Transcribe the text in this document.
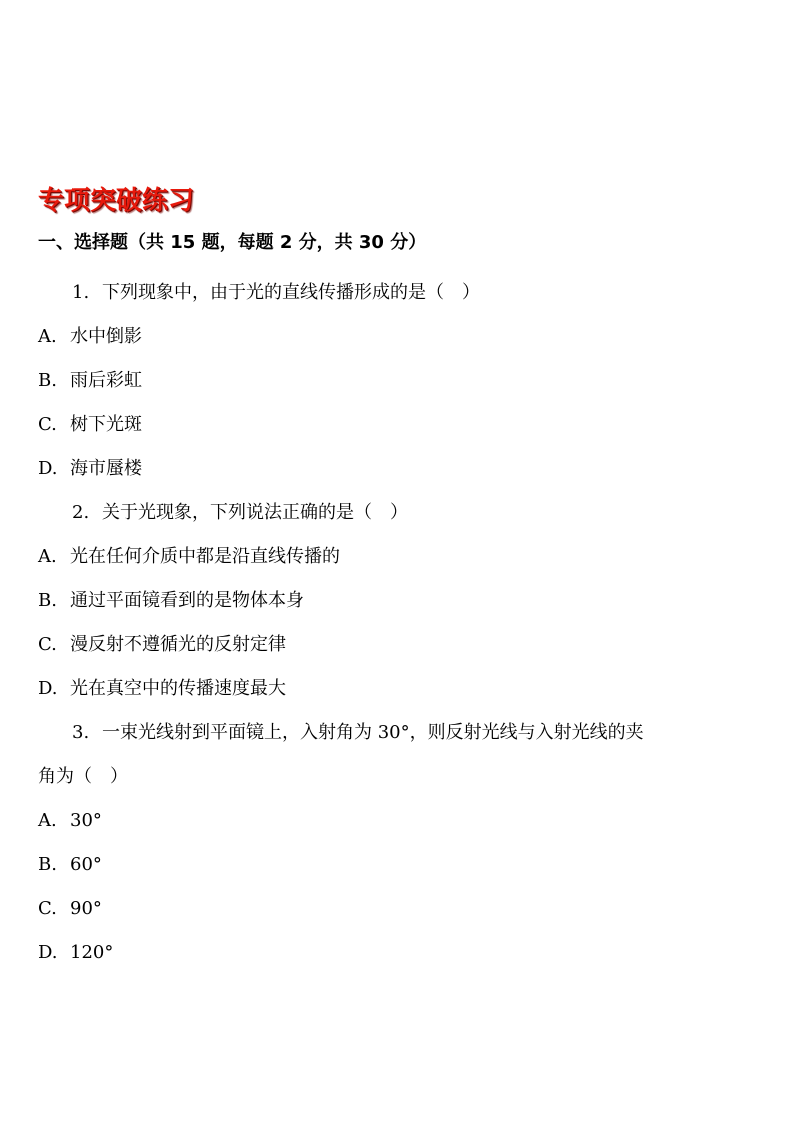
专项突破练习
一、选择题（共 15 题，每题 2 分，共 30 分）
1. 下列现象中，由于光的直线传播形成的是（　）
A. 水中倒影
B. 雨后彩虹
C. 树下光斑
D. 海市蜃楼
2. 关于光现象，下列说法正确的是（　）
A. 光在任何介质中都是沿直线传播的
B. 通过平面镜看到的是物体本身
C. 漫反射不遵循光的反射定律
D. 光在真空中的传播速度最大
3. 一束光线射到平面镜上，入射角为 30°，则反射光线与入射光线的夹
角为（　）
A. 30°
B. 60°
C. 90°
D. 120°
